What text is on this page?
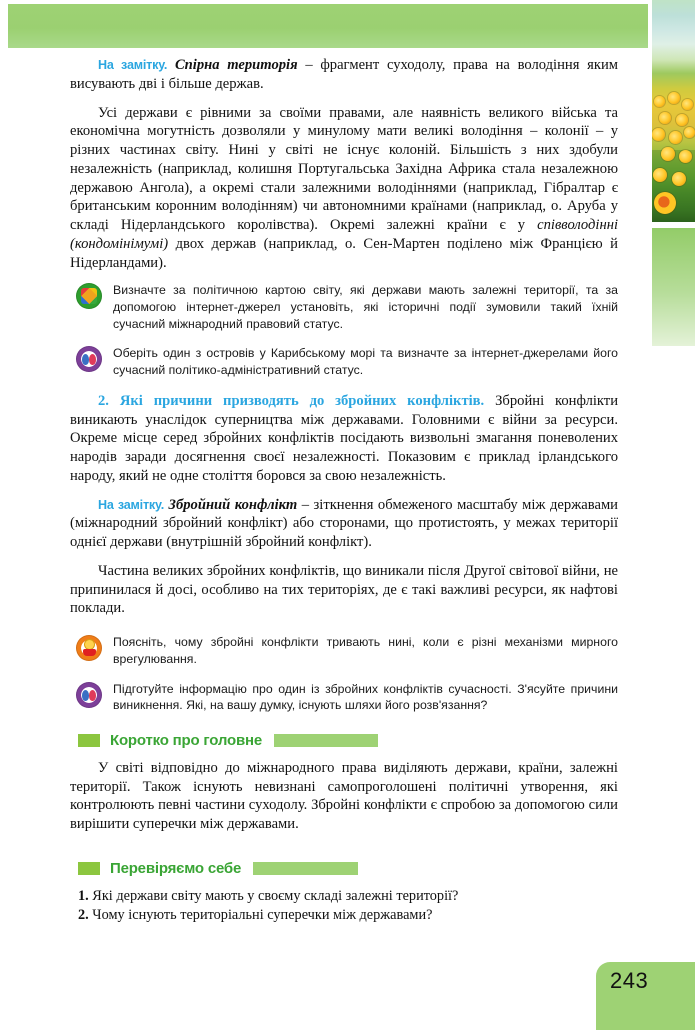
243

На замітку. Спірна територія – фрагмент суходолу, права на володіння яким висувають дві і більше держав.

Усі держави є рівними за своїми правами, але наявність великого війська та економічна могутність дозволяли у минулому мати великі володіння – колонії – у різних частинах світу. Нині у світі не існує колоній. Більшість з них здобули незалежність (наприклад, колишня Португальська Західна Африка стала незалежною державою Ангола), а окремі стали залежними володіннями (наприклад, Гібралтар є британським коронним володінням) чи автономними країнами (наприклад, о. Аруба у складі Нідерландського королівства). Окремі залежні країни є у співволодінні (кондомінімумі) двох держав (наприклад, о. Сен-Мартен поділено між Францією й Нідерландами).

Визначте за політичною картою світу, які держави мають залежні території, та за допомогою інтернет-джерел установіть, які історичні події зумовили такий їхній сучасний міжнародний правовий статус.
Оберіть один з островів у Карибському морі та визначте за інтернет-джерелами його сучасний політико-адміністративний статус.

2. Які причини призводять до збройних конфліктів. Збройні конфлікти виникають унаслідок суперництва між державами. Головними є війни за ресурси. Окреме місце серед збройних конфліктів посідають визвольні змагання поневолених народів заради досягнення своєї незалежності. Показовим є приклад ірландського народу, який не одне століття боровся за свою незалежність.

На замітку. Збройний конфлікт – зіткнення обмеженого масштабу між державами (міжнародний збройний конфлікт) або сторонами, що протистоять, у межах території однієї держави (внутрішній збройний конфлікт).

Частина великих збройних конфліктів, що виникали після Другої світової війни, не припинилася й досі, особливо на тих територіях, де є такі важливі ресурси, як нафтові поклади.

Поясніть, чому збройні конфлікти тривають нині, коли є різні механізми мирного врегулювання.
Підготуйте інформацію про один із збройних конфліктів сучасності. З'ясуйте причини виникнення. Які, на вашу думку, існують шляхи його розв'язання?
Коротко про головне

У світі відповідно до міжнародного права виділяють держави, країни, залежні території. Також існують невизнані самопроголошені політичні утворення, які контролюють певні частини суходолу. Збройні конфлікти є спробою за допомогою сили вирішити суперечки між державами.

Перевіряємо себе
1. Які держави світу мають у своєму складі залежні території?
2. Чому існують територіальні суперечки між державами?
